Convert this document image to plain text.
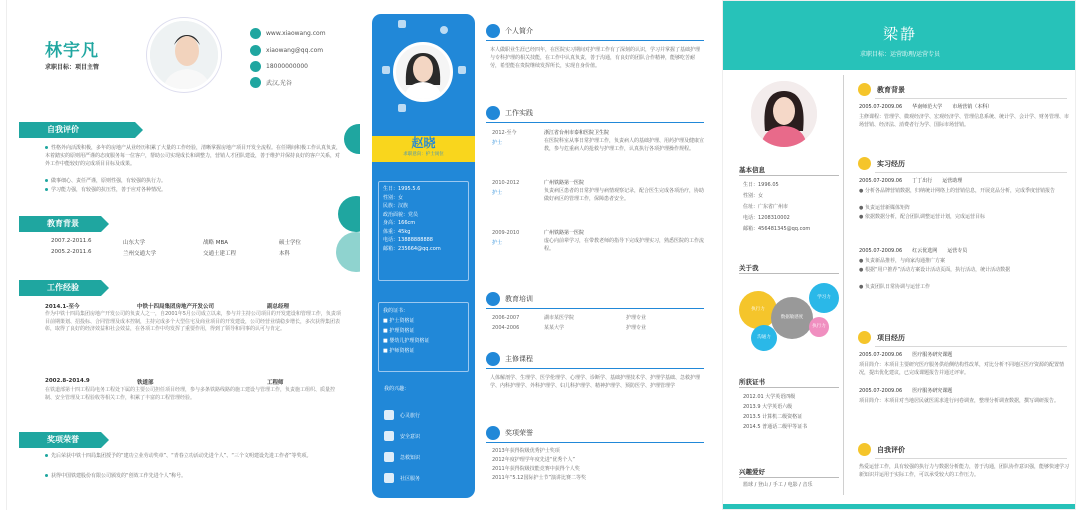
林宇凡
求职目标：项目主管
www.xiaowang.com
xiaowang@qq.com
18000000000
武汉,光谷
自我评价
性格外向活泼积极，多年的房地产从业经历积累了大量的工作经验，清晰掌握房地产项目开发全流程。在任期间积极工作认真负责，本着踏实的原则用严谨的态度服务每一位客户，帮助公司实现成长和调整力，营销人才团队建设，善于维护并保持良好的客户关系，对外工作中能较好的完成项目目标及成果。
做事细心、责任严谨，原则性强，有较强的执行力。
学习能力强，有较强的抗压性，善于应对各种情况。
教育背景
2007.2-2011.6	山东大学	战略 MBA	硕士学位
2005.2-2011.6	兰州交通大学	交通土建工程	本科
工作经验
2014.1-至今	中铁十四局集团房地产开发公司	副总经理
作为中铁十四局集团房地产开发公司的负责人之一，自2001年5月公司成立以来，参与并主持公司项目的开发建设和管理工作，负责项目前期策划、招投标、合同管理及成本控制，主持完成多个大型住宅及商业项目的开发建设，公司经营业绩稳步增长，多次获得集团表彰，取得了良好的经济效益和社会效益，在各项工作中均发挥了重要作用，得到了领导和同事的认可与肯定。
2002.8-2014.9	铁道部	工程师
在铁道部第十四工程局电务工程处下属的主要公司担任项目经理，参与多条铁路线路的施工建设与管理工作，负责施工组织、质量控制、安全管理及工程验收等相关工作，积累了丰富的工程管理经验。
奖项荣誉
先后荣获中铁十四局集团授予的“建功立业劳动奖章”、“青春立功活动先进个人”、“三个文明建设先进工作者”等奖项。
获得中国铁建股份有限公司颁发的“创效工作先进个人”称号。
赵晓
求职意向：护士岗位
生日：1995.5.6
性别：女
民族：汉族
政治面貌：党员
身高：166cm
体重：45kg
电话：13888888888
邮箱：235664@qq.com
我的证书：
■ 护士资格证
■ 护理资格证
■ 婴幼儿护理资格证
■ 护师资格证
我的兴趣：
心灵旅行
安全意识
急救知识
社区服务
个人简介
本人做职业生涯已经四年，在医院实习期间对护理工作有了深刻的认识，学习并掌握了基础护理与专科护理的相关技能，在工作中认真负责，善于沟通，有良好的团队合作精神，能够吃苦耐劳，希望能在贵院继续发挥所长，实现自身价值。
工作实践
2012-至今
护士
浙江省台州市泰和医院卫生院
在医院科室从事日常护理工作，负责病人的基础护理、用药护理及健康宣教，参与危重病人的抢救与护理工作，认真执行各项护理操作规程。
2010-2012
护士
广州铁路第一医院
负责病区患者的日常护理与病情观察记录，配合医生完成各项治疗，协助做好病区的管理工作，保障患者安全。
2009-2010
护士
广州铁路第一医院
虚心向前辈学习，在带教老师的指导下完成护理实习，熟悉医院的工作流程。
教育培训
2006-2007	湖市某医学院	护理专业
2004-2006	某某大学	护理专业
主修课程
人体解剖学、生理学、医学伦理学、心理学、诊断学、基础护理技术学、护理学基础、急救护理学、内科护理学、外科护理学、妇儿科护理学、精神护理学、预防医学、护理管理学
奖项荣誉
2013年获得院级优秀护士奖项
2012年度护理学年度先进“优秀个人”
2011年获得院级技能竞赛中获得个人奖
2011年“5.12国际护士节”演讲比赛二等奖
梁静
求职目标：运营助理/运营专员
基本信息
生日：1996.05
性别：女
住址：广东省广州市
电话：1208310002
邮箱：456481345@qq.com
关于我
执行力
学习力
数据敏感度
沟通力
执行力
所获证书
2012.01 大学英语四级
2013.9 大学英语六级
2013.5 计算机二级资格证
2014.5 普通话二级甲等证书
兴趣爱好
篮球 / 登山 / 手工 / 电影 / 音乐
教育背景
2005.07-2009.06　　 华南师范大学　　 市场营销（本科）
主修课程：管理学、微观经济学、宏观经济学、管理信息系统、统计学、会计学、财务管理、市场营销、经济法、消费者行为学、国际市场营销。
实习经历
2005.07-2009.06　　 丁丁出行　　 运营助理
● 分析各品牌营销数据，归纳统计网络上的营销信息，开展竞品分析，完成季度营销报告
● 负责运营新媒体矩阵
● 依据数据分析，配合团队调整运营计划，完成运营目标
2005.07-2009.06　　 红云优选网　　 运营专员
● 负责新品推荐，与商家沟通推广方案
● 根据“用户推荐”活动方案设计活动页面，执行活动，统计活动数据
● 负责团队日常协调与运营工作
项目经历
2005.07-2009.06　　 医疗服务研究课题
项目简介：本项目主要研究医疗服务供给侧结构性改革，对比分析不同地区医疗资源的配置情况，提出优化建议，已完成课题报告并通过评审。
2005.07-2009.06　　 医疗服务研究课题
项目简介：本项目对当地居民就医需求进行问卷调查，整理分析调查数据，撰写调研报告。
自我评价
热爱运营工作，具有较强的执行力与数据分析能力，善于沟通，团队协作意识强，能够快速学习新知识并运用于实际工作，可以承受较大的工作压力。
